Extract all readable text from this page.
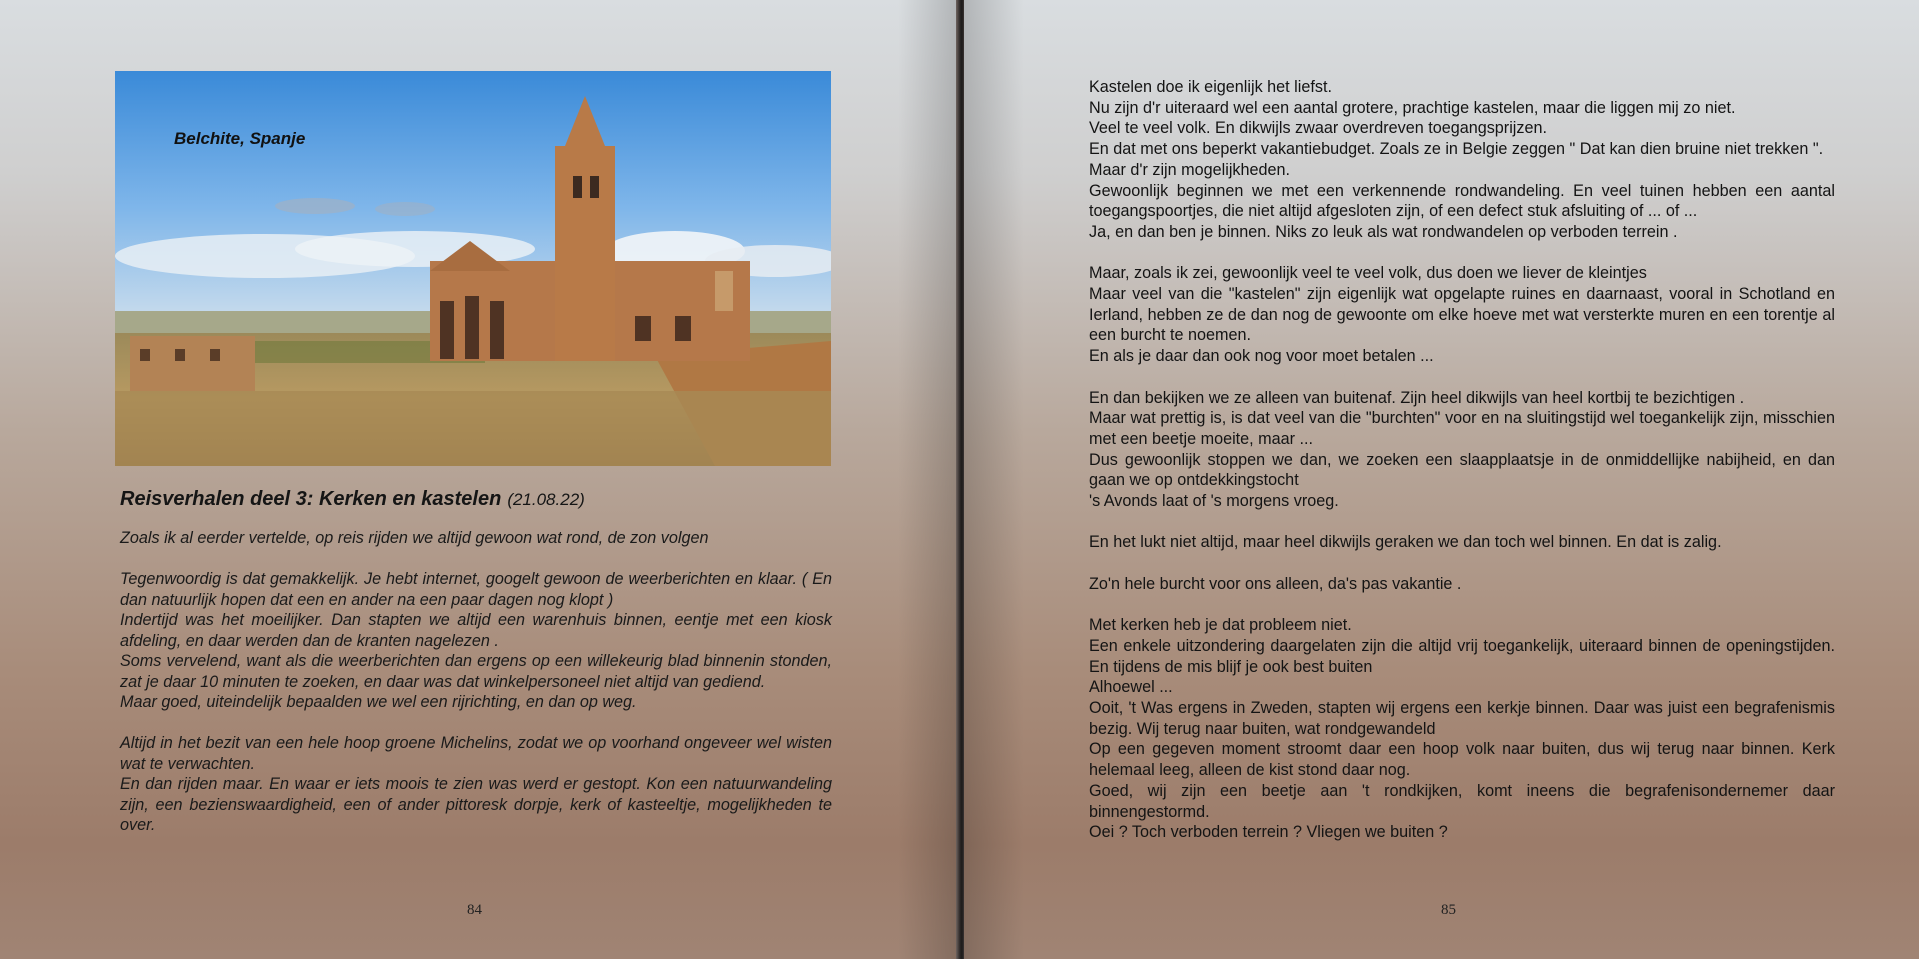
Belchite, Spanje
Reisverhalen deel 3: Kerken en kastelen (21.08.22)

Zoals ik al eerder vertelde, op reis rijden we altijd gewoon wat rond, de zon volgen

Tegenwoordig is dat gemakkelijk. Je hebt internet, googelt gewoon de weerberichten en klaar. ( En dan natuurlijk hopen dat een en ander na een paar dagen nog klopt )

Indertijd was het moeilijker. Dan stapten we altijd een warenhuis binnen, eentje met een kiosk afdeling, en daar werden dan de kranten nagelezen .

Soms vervelend, want als die weerberichten dan ergens op een willekeurig blad binnenin stonden, zat je daar 10 minuten te zoeken, en daar was dat winkelpersoneel niet altijd van gediend.

Maar goed, uiteindelijk bepaalden we wel een rijrichting, en dan op weg.

Altijd in het bezit van een hele hoop groene Michelins, zodat we op voorhand ongeveer wel wisten wat te verwachten.

En dan rijden maar. En waar er iets moois te zien was werd er gestopt. Kon een natuurwandeling zijn, een bezienswaardigheid, een of ander pittoresk dorpje, kerk of kasteeltje, mogelijkheden te over.

84

Kastelen doe ik eigenlijk het liefst.

Nu zijn d'r uiteraard wel een aantal grotere, prachtige kastelen, maar die liggen mij zo niet.

Veel te veel volk. En dikwijls zwaar overdreven toegangsprijzen.

En dat met ons beperkt vakantiebudget. Zoals ze in Belgie zeggen " Dat kan dien bruine niet trekken ".

Maar d'r zijn mogelijkheden.

Gewoonlijk beginnen we met een verkennende rondwandeling. En veel tuinen hebben een aantal toegangspoortjes, die niet altijd afgesloten zijn, of een defect stuk afsluiting of ... of ...

Ja, en dan ben je binnen. Niks zo leuk als wat rondwandelen op verboden terrein .

Maar, zoals ik zei, gewoonlijk veel te veel volk, dus doen we liever de kleintjes

Maar veel van die "kastelen" zijn eigenlijk wat opgelapte ruines en daarnaast, vooral in Schotland en Ierland, hebben ze de dan nog de gewoonte om elke hoeve met wat versterkte muren en een torentje al een burcht te noemen.

En als je daar dan ook nog voor moet betalen ...

En dan bekijken we ze alleen van buitenaf. Zijn heel dikwijls van heel kortbij te bezichtigen .

Maar wat prettig is, is dat veel van die "burchten" voor en na sluitingstijd wel toegankelijk zijn, misschien met een beetje moeite, maar ...

Dus gewoonlijk stoppen we dan, we zoeken een slaapplaatsje in de onmiddellijke nabijheid, en dan gaan we op ontdekkingstocht

's Avonds laat of 's morgens vroeg.

En het lukt niet altijd, maar heel dikwijls geraken we dan toch wel binnen. En dat is zalig.

Zo'n hele burcht voor ons alleen, da's pas vakantie .

Met kerken heb je dat probleem niet.

Een enkele uitzondering daargelaten zijn die altijd vrij toegankelijk, uiteraard binnen de openingstijden. En tijdens de mis blijf je ook best buiten

Alhoewel ...

Ooit, 't Was ergens in Zweden, stapten wij ergens een kerkje binnen. Daar was juist een begrafenismis bezig. Wij terug naar buiten, wat rondgewandeld

Op een gegeven moment stroomt daar een hoop volk naar buiten, dus wij terug naar binnen. Kerk helemaal leeg, alleen de kist stond daar nog.

Goed, wij zijn een beetje aan 't rondkijken, komt ineens die begrafenisondernemer daar binnengestormd.

Oei ? Toch verboden terrein ? Vliegen we buiten ?

85
